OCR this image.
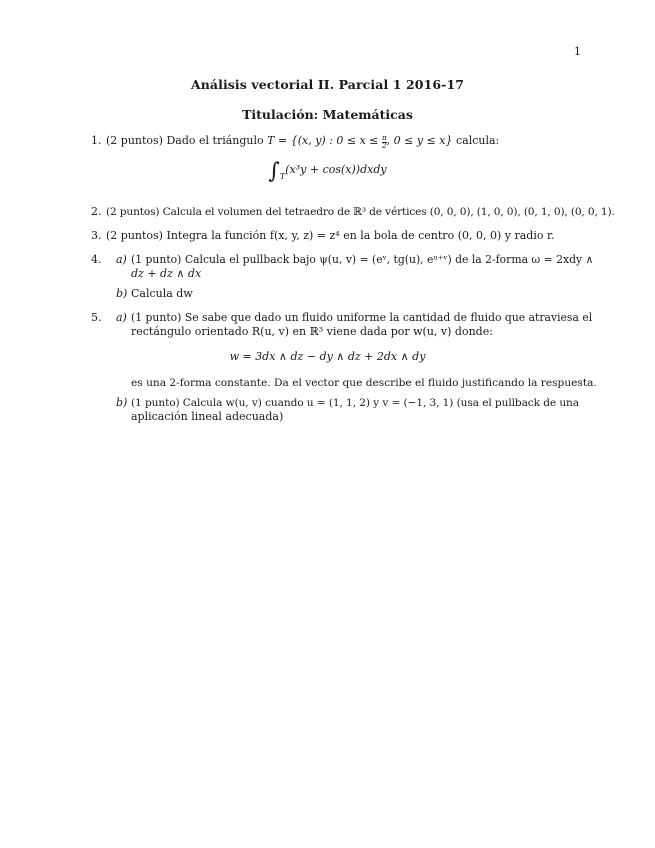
1
Análisis vectorial II. Parcial 1 2016-17
Titulación: Matemáticas
1. (2 puntos) Dado el triángulo T = {(x, y) : $0 \le x \le \frac{\pi}{2}$ , 0 ≤ y ≤ x} calcula:
$\int_T(x^3y$ + cos(x))dxdy
2. (2 puntos) Calcula el volumen del tetraedro de ℝ³ de vértices (0, 0, 0), (1, 0, 0), (0, 1, 0), (0, 0, 1).
3. (2 puntos) Integra la función f(x, y, z) = z⁴ en la bola de centro (0, 0, 0) y radio r.
4. a) (1 punto) Calcula el pullback bajo ψ(u, v) = (eᵛ, tg(u), eᵘ⁺ᵛ) de la 2-forma ω = 2xdy ∧
dz + dz ∧ dx
b) Calcula dw
5. a) (1 punto) Se sabe que dado un fluido uniforme la cantidad de fluido que atraviesa el
rectángulo orientado R(u, v) en ℝ³ viene dada por w(u, v) donde:
w = 3dx ∧ dz − dy ∧ dz + 2dx ∧ dy
es una 2-forma constante. Da el vector que describe el fluido justificando la respuesta.
b) (1 punto) Calcula w(u, v) cuando u = (1, 1, 2) y v = (−1, 3, 1) (usa el pullback de una
aplicación lineal adecuada)
